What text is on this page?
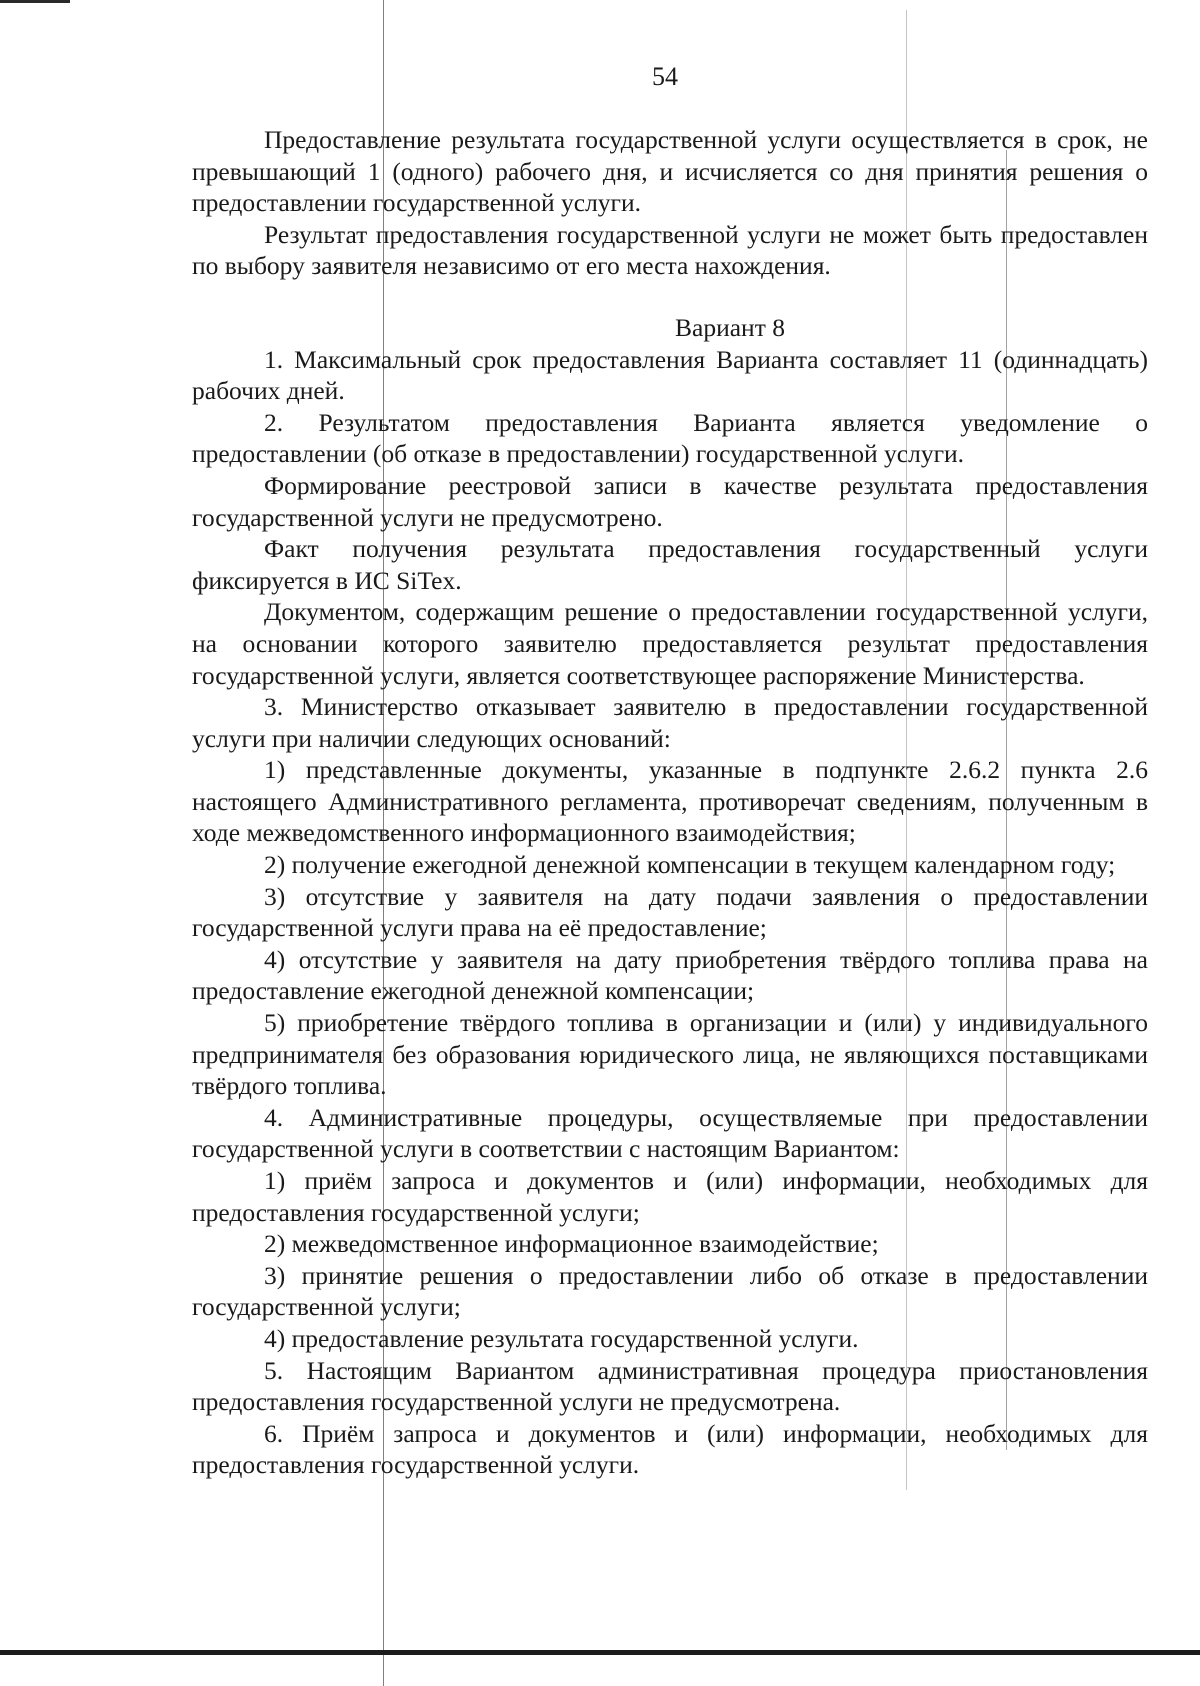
54

Предоставление результата государственной услуги осуществляется в срок, не превышающий 1 (одного) рабочего дня, и исчисляется со дня принятия решения о предоставлении государственной услуги.

Результат предоставления государственной услуги не может быть предоставлен по выбору заявителя независимо от его места нахождения.

Вариант 8

1. Максимальный срок предоставления Варианта составляет 11 (одиннадцать) рабочих дней.

2. Результатом предоставления Варианта является уведомление о предоставлении (об отказе в предоставлении) государственной услуги.

Формирование реестровой записи в качестве результата предоставления государственной услуги не предусмотрено.

Факт получения результата предоставления государственный услуги фиксируется в ИС SiTex.

Документом, содержащим решение о предоставлении государственной услуги, на основании которого заявителю предоставляется результат предоставления государственной услуги, является соответствующее распоряжение Министерства.

3. Министерство отказывает заявителю в предоставлении государственной услуги при наличии следующих оснований:

1) представленные документы, указанные в подпункте 2.6.2 пункта 2.6 настоящего Административного регламента, противоречат сведениям, полученным в ходе межведомственного информационного взаимодействия;

2) получение ежегодной денежной компенсации в текущем календарном году;

3) отсутствие у заявителя на дату подачи заявления о предоставлении государственной услуги права на её предоставление;

4) отсутствие у заявителя на дату приобретения твёрдого топлива права на предоставление ежегодной денежной компенсации;

5) приобретение твёрдого топлива в организации и (или) у индивидуального предпринимателя без образования юридического лица, не являющихся поставщиками твёрдого топлива.

4. Административные процедуры, осуществляемые при предоставлении государственной услуги в соответствии с настоящим Вариантом:

1) приём запроса и документов и (или) информации, необходимых для предоставления государственной услуги;

2) межведомственное информационное взаимодействие;

3) принятие решения о предоставлении либо об отказе в предоставлении государственной услуги;

4) предоставление результата государственной услуги.

5. Настоящим Вариантом административная процедура приостановления предоставления государственной услуги не предусмотрена.

6. Приём запроса и документов и (или) информации, необходимых для предоставления государственной услуги.
